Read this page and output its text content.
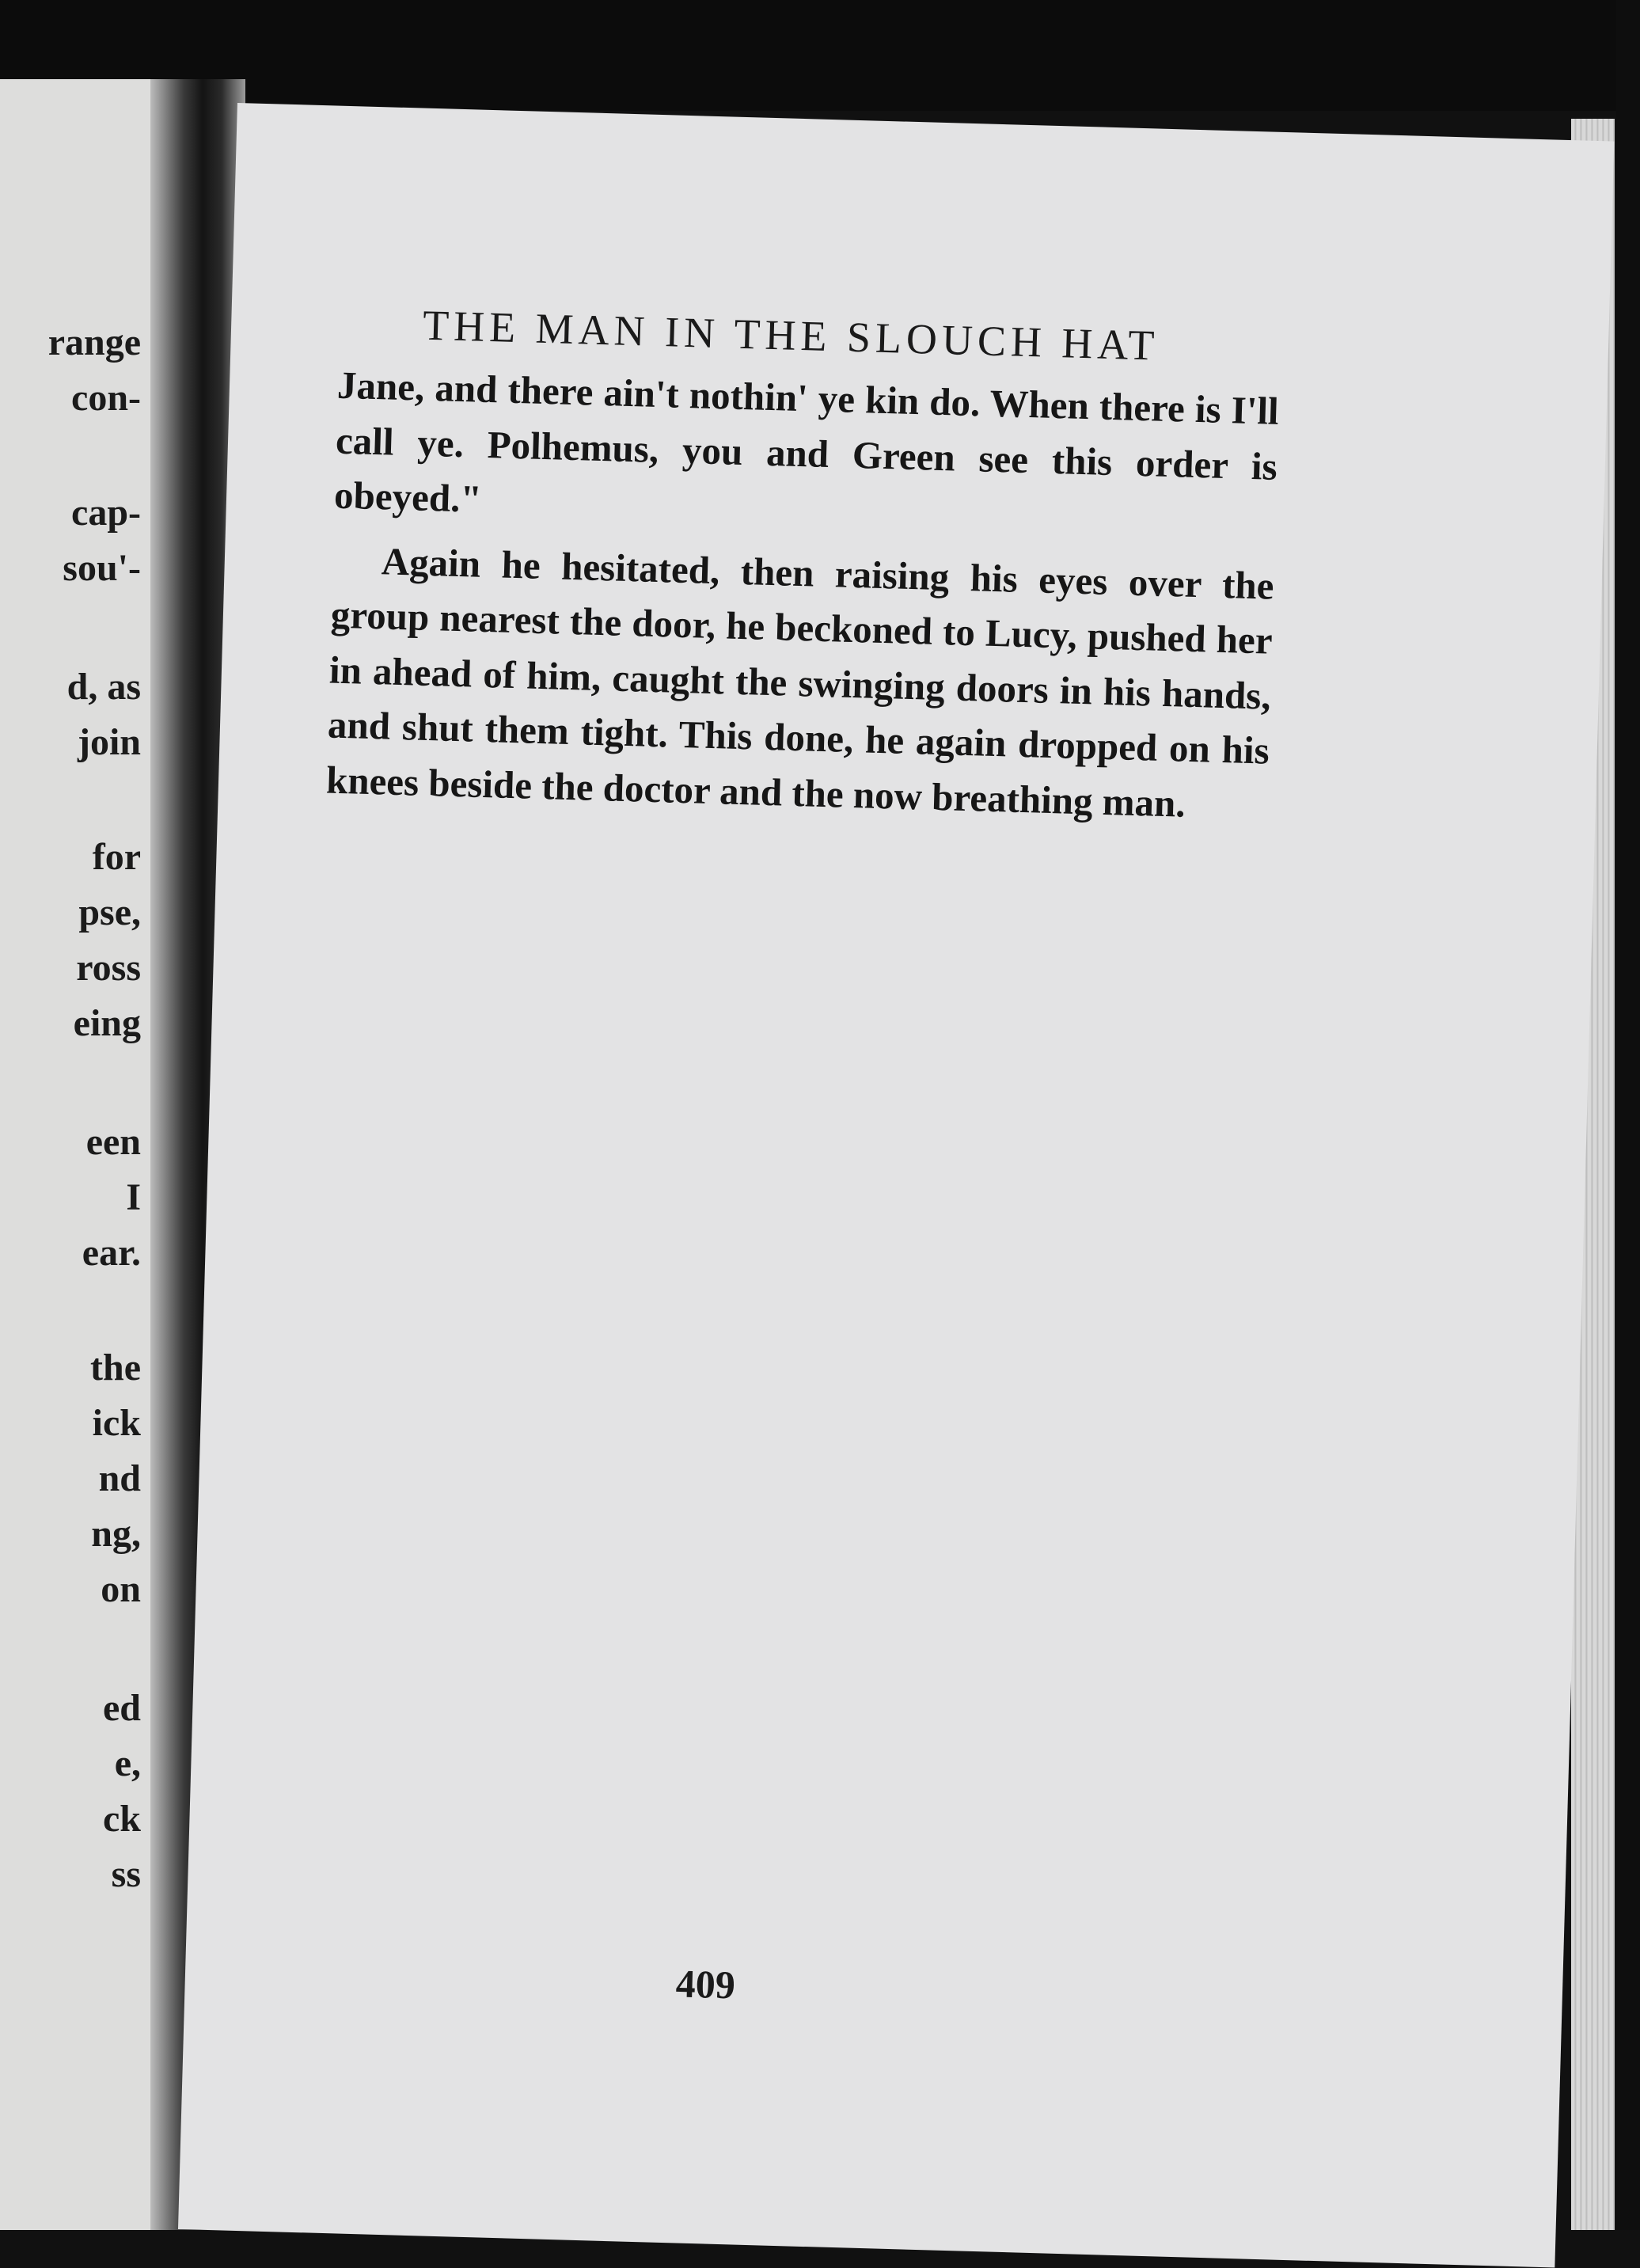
range
con-
cap-
sou'-
d, as
join
for
pse,
ross
eing
een
I
ear.
the
ick
nd
ng,
on
ed
e,
ck
ss
THE MAN IN THE SLOUCH HAT

Jane, and there ain't nothin' ye kin do. When there is I'll call ye. Polhemus, you and Green see this order is obeyed."

Again he hesitated, then raising his eyes over the group nearest the door, he beckoned to Lucy, pushed her in ahead of him, caught the swinging doors in his hands, and shut them tight. This done, he again dropped on his knees beside the doctor and the now breathing man.

409
